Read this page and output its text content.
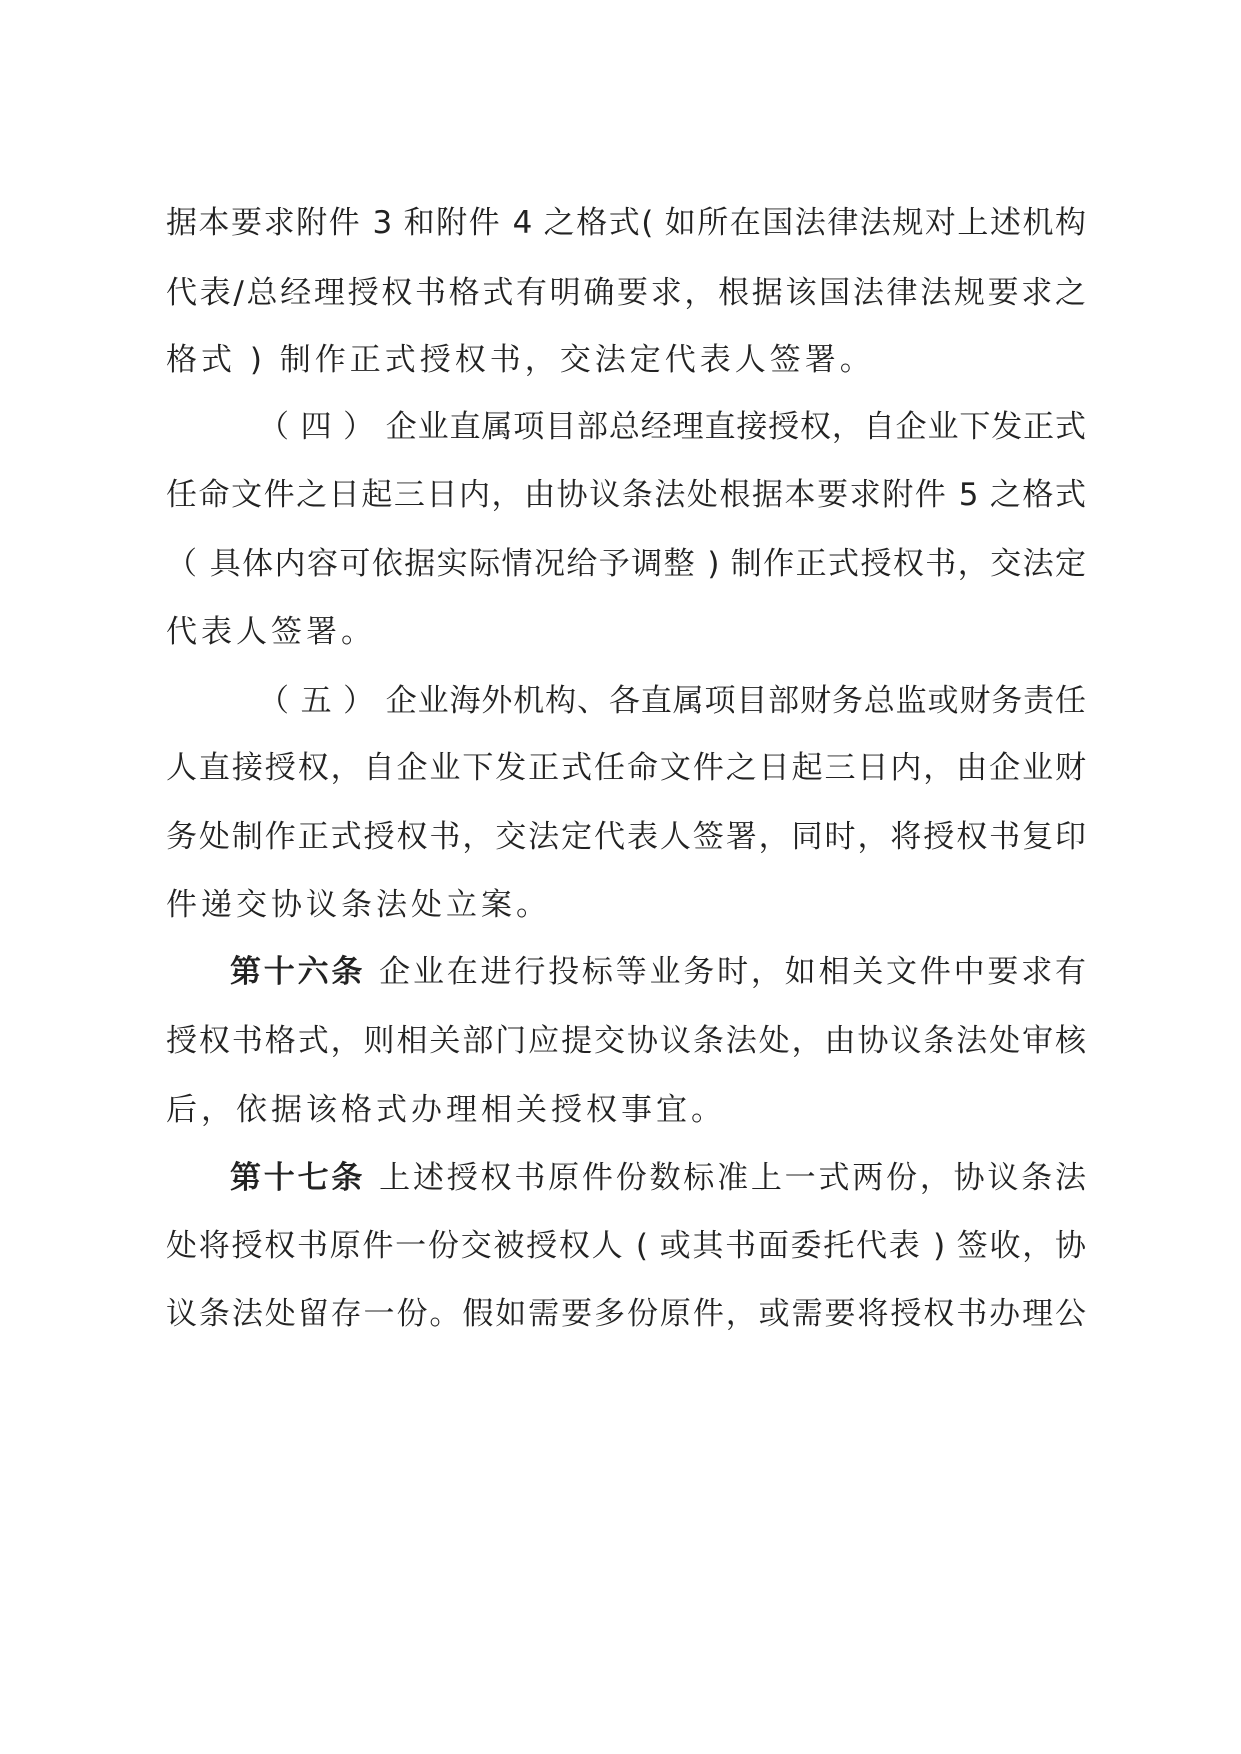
据本要求附件 3 和附件 4 之格式( 如所在国法律法规对上述机构
代表/总经理授权书格式有明确要求，根据该国法律法规要求之
格式 ) 制作正式授权书，交法定代表人签署。
（ 四 ） 企业直属项目部总经理直接授权，自企业下发正式
任命文件之日起三日内，由协议条法处根据本要求附件 5 之格式
（ 具体内容可依据实际情况给予调整 ) 制作正式授权书，交法定
代表人签署。
（ 五 ） 企业海外机构、各直属项目部财务总监或财务责任
人直接授权，自企业下发正式任命文件之日起三日内，由企业财
务处制作正式授权书，交法定代表人签署，同时，将授权书复印
件递交协议条法处立案。
第十六条 企业在进行投标等业务时，如相关文件中要求有
授权书格式，则相关部门应提交协议条法处，由协议条法处审核
后，依据该格式办理相关授权事宜。
第十七条 上述授权书原件份数标准上一式两份，协议条法
处将授权书原件一份交被授权人 ( 或其书面委托代表 ) 签收，协
议条法处留存一份。假如需要多份原件，或需要将授权书办理公
